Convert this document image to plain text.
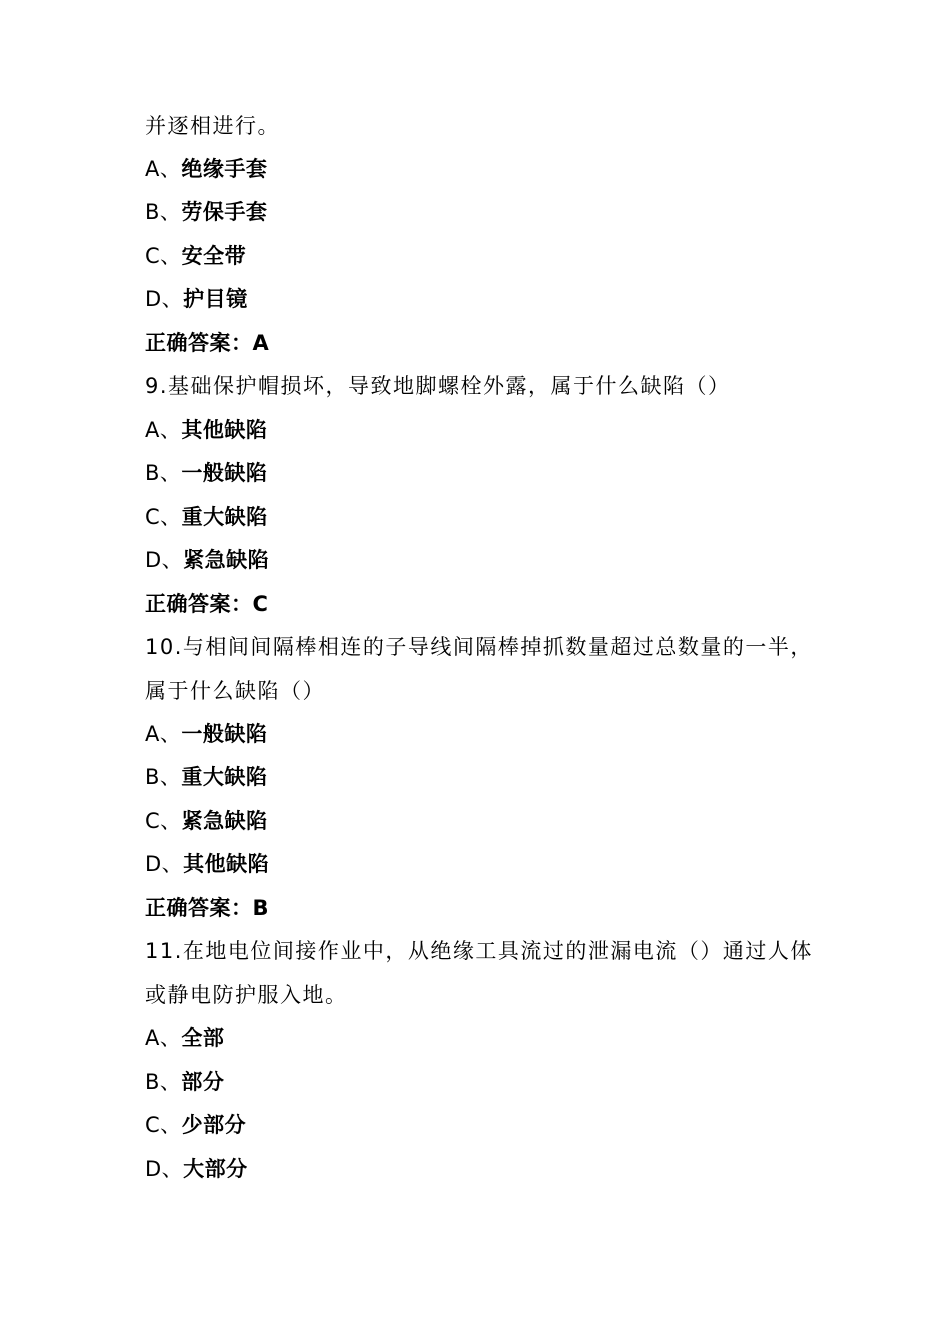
并逐相进行。
A、绝缘手套
B、劳保手套
C、安全带
D、护目镜
正确答案：A
9.基础保护帽损坏，导致地脚螺栓外露，属于什么缺陷（）
A、其他缺陷
B、一般缺陷
C、重大缺陷
D、紧急缺陷
正确答案：C
10.与相间间隔棒相连的子导线间隔棒掉抓数量超过总数量的一半，
属于什么缺陷（）
A、一般缺陷
B、重大缺陷
C、紧急缺陷
D、其他缺陷
正确答案：B
11.在地电位间接作业中，从绝缘工具流过的泄漏电流（）通过人体
或静电防护服入地。
A、全部
B、部分
C、少部分
D、大部分
